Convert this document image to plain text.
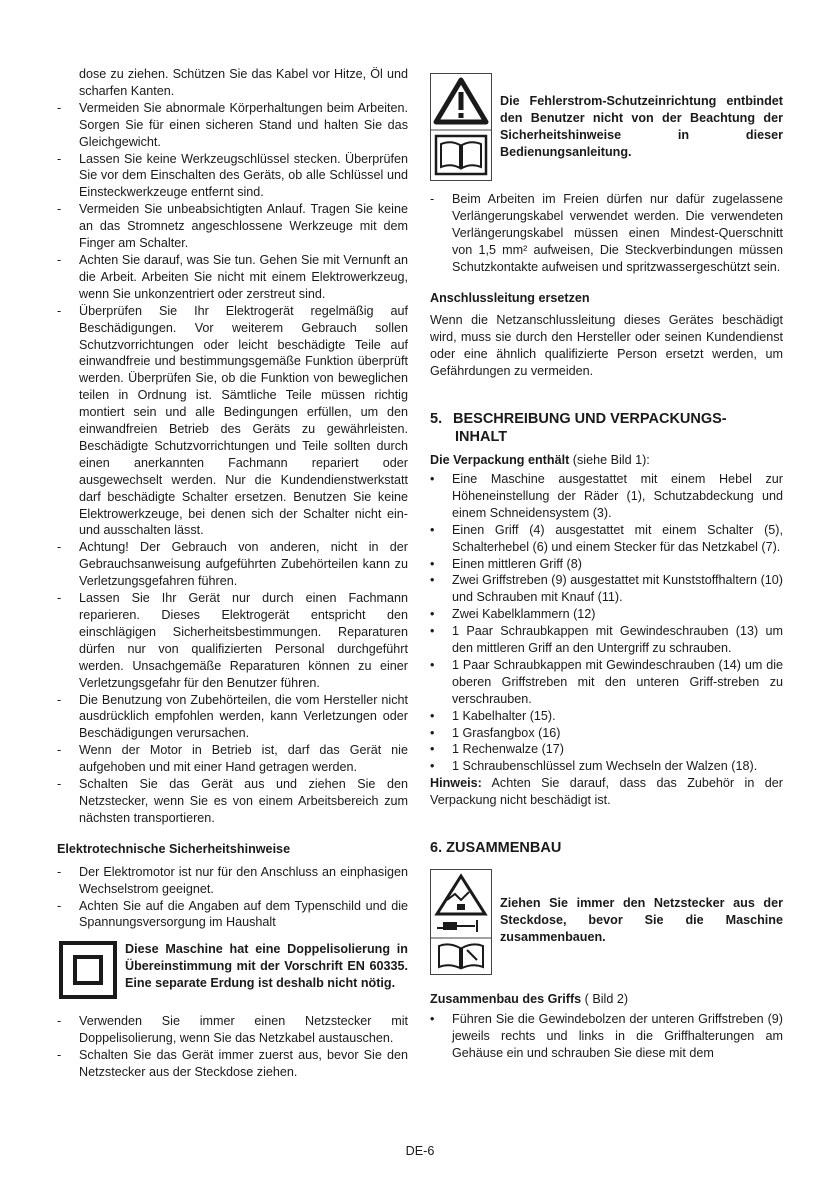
dose zu ziehen. Schützen Sie das Kabel vor Hitze, Öl und scharfen Kanten.

- Vermeiden Sie abnormale Körperhaltungen beim Arbeiten. Sorgen Sie für einen sicheren Stand und halten Sie das Gleichgewicht.
- Lassen Sie keine Werkzeugschlüssel stecken. Überprüfen Sie vor dem Einschalten des Geräts, ob alle Schlüssel und Einsteckwerkzeuge entfernt sind.
- Vermeiden Sie unbeabsichtigten Anlauf. Tragen Sie keine an das Stromnetz angeschlossene Werkzeuge mit dem Finger am Schalter.
- Achten Sie darauf, was Sie tun. Gehen Sie mit Vernunft an die Arbeit. Arbeiten Sie nicht mit einem Elektrowerkzeug, wenn Sie unkonzentriert oder zerstreut sind.
- Überprüfen Sie Ihr Elektrogerät regelmäßig auf Beschädigungen. Vor weiterem Gebrauch sollen Schutzvorrichtungen oder leicht beschädigte Teile auf einwandfreie und bestimmungsgemäße Funktion überprüft werden. Überprüfen Sie, ob die Funktion von beweglichen teilen in Ordnung ist. Sämtliche Teile müssen richtig montiert sein und alle Bedingungen erfüllen, um den einwandfreien Betrieb des Geräts zu gewährleisten. Beschädigte Schutzvorrichtungen und Teile sollten durch einen anerkannten Fachmann repariert oder ausgewechselt werden. Nur die Kundendienstwerkstatt darf beschädigte Schalter ersetzen. Benutzen Sie keine Elektrowerkzeuge, bei denen sich der Schalter nicht ein- und ausschalten lässt.
- Achtung! Der Gebrauch von anderen, nicht in der Gebrauchsanweisung aufgeführten Zubehörteilen kann zu Verletzungsgefahren führen.
- Lassen Sie Ihr Gerät nur durch einen Fachmann reparieren. Dieses Elektrogerät entspricht den einschlägigen Sicherheitsbestimmungen. Reparaturen dürfen nur von qualifizierten Personal durchgeführt werden. Unsachgemäße Reparaturen können zu einer Verletzungsgefahr für den Benutzer führen.
- Die Benutzung von Zubehörteilen, die vom Hersteller nicht ausdrücklich empfohlen werden, kann Verletzungen oder Beschädigungen verursachen.
- Wenn der Motor in Betrieb ist, darf das Gerät nie aufgehoben und mit einer Hand getragen werden.
- Schalten Sie das Gerät aus und ziehen Sie den Netzstecker, wenn Sie es von einem Arbeitsbereich zum nächsten transportieren.
Elektrotechnische Sicherheitshinweise
- Der Elektromotor ist nur für den Anschluss an einphasigen Wechselstrom geeignet.
- Achten Sie auf die Angaben auf dem Typenschild und die Spannungsversorgung im Haushalt

Diese Maschine hat eine Doppelisolierung in Übereinstimmung mit der Vorschrift EN 60335. Eine separate Erdung ist deshalb nicht nötig.

- Verwenden Sie immer einen Netzstecker mit Doppelisolierung, wenn Sie das Netzkabel austauschen.
- Schalten Sie das Gerät immer zuerst aus, bevor Sie den Netzstecker aus der Steckdose ziehen.

Die Fehlerstrom-Schutzeinrichtung entbindet den Benutzer nicht von der Beachtung der Sicherheitshinweise in dieser Bedienungsanleitung.

- Beim Arbeiten im Freien dürfen nur dafür zugelassene Verlängerungskabel verwendet werden. Die verwendeten Verlängerungskabel müssen einen Mindest-Querschnitt von 1,5 mm² aufweisen, Die Steckverbindungen müssen Schutzkontakte aufweisen und spritzwassergeschützt sein.
Anschlussleitung ersetzen

Wenn die Netzanschlussleitung dieses Gerätes beschädigt wird, muss sie durch den Hersteller oder seinen Kundendienst oder eine ähnlich qualifizierte Person ersetzt werden, um Gefährdungen zu vermeiden.

5. BESCHREIBUNG UND VERPACKUNGS-
INHALT

Die Verpackung enthält (siehe Bild 1):

• Eine Maschine ausgestattet mit einem Hebel zur Höheneinstellung der Räder (1), Schutzabdeckung und einem Schneidensystem (3).
• Einen Griff (4) ausgestattet mit einem Schalter (5), Schalterhebel (6) und einem Stecker für das Netzkabel (7).
• Einen mittleren Griff (8)
• Zwei Griffstreben (9) ausgestattet mit Kunststoffhaltern (10) und Schrauben mit Knauf (11).
• Zwei Kabelklammern (12)
• 1 Paar Schraubkappen mit Gewindeschrauben (13) um den mittleren Griff an den Untergriff zu schrauben.
• 1 Paar Schraubkappen mit Gewindeschrauben (14) um die oberen Griffstreben mit den unteren Griff-streben zu verschrauben.
• 1 Kabelhalter (15).
• 1 Grasfangbox (16)
• 1 Rechenwalze (17)
• 1 Schraubenschlüssel zum Wechseln der Walzen (18).

Hinweis: Achten Sie darauf, dass das Zubehör in der Verpackung nicht beschädigt ist.

6. ZUSAMMENBAU

Ziehen Sie immer den Netzstecker aus der Steckdose, bevor Sie die Maschine zusammenbauen.

Zusammenbau des Griffs ( Bild 2)

• Führen Sie die Gewindebolzen der unteren Griffstreben (9) jeweils rechts und links in die Griffhalterungen am Gehäuse ein und schrauben Sie diese mit dem
DE-6
